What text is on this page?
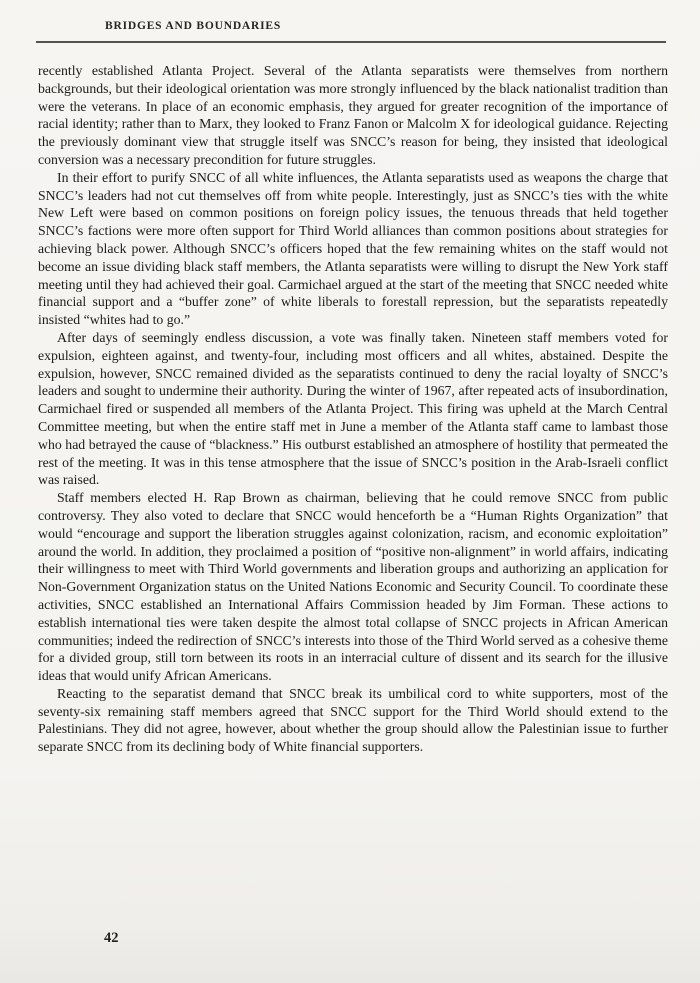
BRIDGES AND BOUNDARIES

recently established Atlanta Project. Several of the Atlanta separatists were themselves from northern backgrounds, but their ideological orientation was more strongly influenced by the black nationalist tradition than were the veterans. In place of an economic emphasis, they argued for greater recognition of the importance of racial identity; rather than to Marx, they looked to Franz Fanon or Malcolm X for ideological guidance. Rejecting the previously dominant view that struggle itself was SNCC’s reason for being, they insisted that ideological conversion was a necessary precondition for future struggles.

In their effort to purify SNCC of all white influences, the Atlanta separatists used as weapons the charge that SNCC’s leaders had not cut themselves off from white people. Interestingly, just as SNCC’s ties with the white New Left were based on common positions on foreign policy issues, the tenuous threads that held together SNCC’s factions were more often support for Third World alliances than common positions about strategies for achieving black power. Although SNCC’s officers hoped that the few remaining whites on the staff would not become an issue dividing black staff members, the Atlanta separatists were willing to disrupt the New York staff meeting until they had achieved their goal. Carmichael argued at the start of the meeting that SNCC needed white financial support and a “buffer zone” of white liberals to forestall repression, but the separatists repeatedly insisted “whites had to go.”

After days of seemingly endless discussion, a vote was finally taken. Nineteen staff members voted for expulsion, eighteen against, and twenty-four, including most officers and all whites, abstained. Despite the expulsion, however, SNCC remained divided as the separatists continued to deny the racial loyalty of SNCC’s leaders and sought to undermine their authority. During the winter of 1967, after repeated acts of insubordination, Carmichael fired or suspended all members of the Atlanta Project. This firing was upheld at the March Central Committee meeting, but when the entire staff met in June a member of the Atlanta staff came to lambast those who had betrayed the cause of “blackness.” His outburst established an atmosphere of hostility that permeated the rest of the meeting. It was in this tense atmosphere that the issue of SNCC’s position in the Arab-Israeli conflict was raised.

Staff members elected H. Rap Brown as chairman, believing that he could remove SNCC from public controversy. They also voted to declare that SNCC would henceforth be a “Human Rights Organization” that would “encourage and support the liberation struggles against colonization, racism, and economic exploitation” around the world. In addition, they proclaimed a position of “positive non-alignment” in world affairs, indicating their willingness to meet with Third World governments and liberation groups and authorizing an application for Non-Government Organization status on the United Nations Economic and Security Council. To coordinate these activities, SNCC established an International Affairs Commission headed by Jim Forman. These actions to establish international ties were taken despite the almost total collapse of SNCC projects in African American communities; indeed the redirection of SNCC’s interests into those of the Third World served as a cohesive theme for a divided group, still torn between its roots in an interracial culture of dissent and its search for the illusive ideas that would unify African Americans.

Reacting to the separatist demand that SNCC break its umbilical cord to white supporters, most of the seventy-six remaining staff members agreed that SNCC support for the Third World should extend to the Palestinians. They did not agree, however, about whether the group should allow the Palestinian issue to further separate SNCC from its declining body of White financial supporters.

42
